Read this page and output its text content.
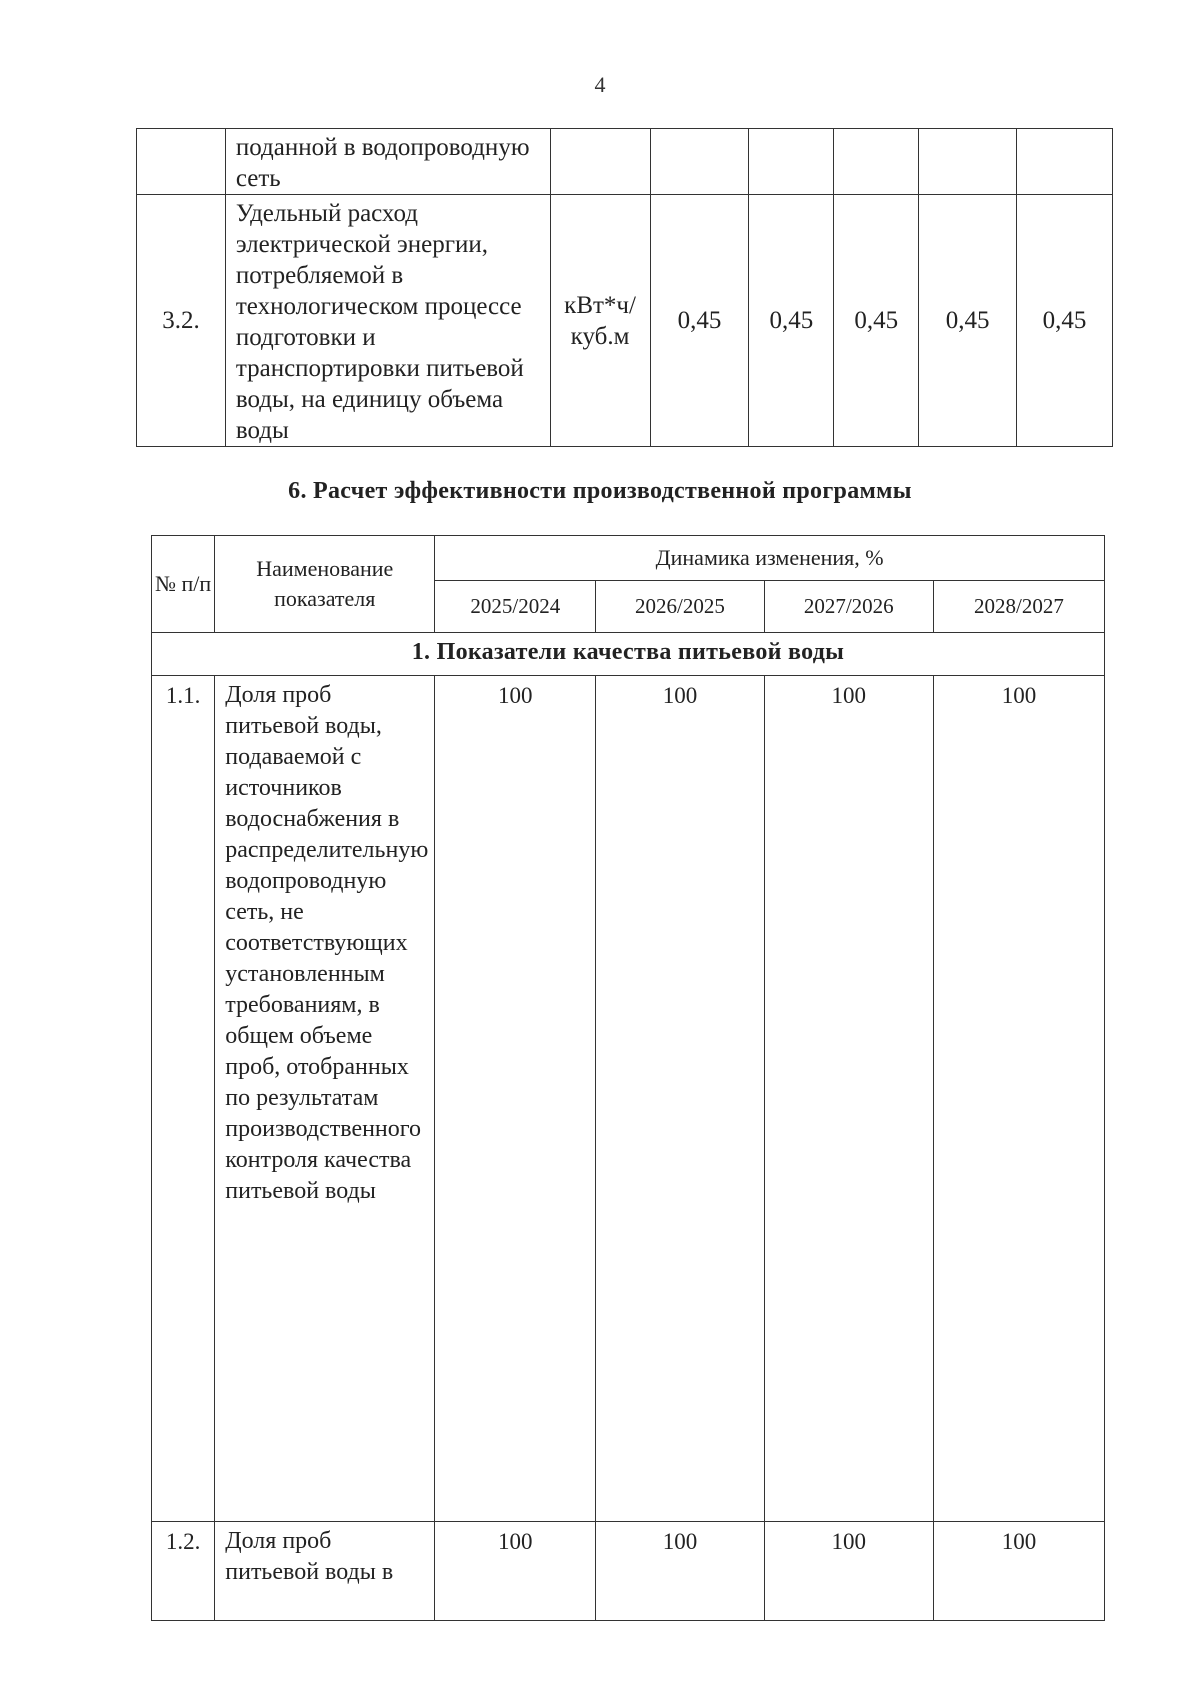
4
	поданной в водопроводную сеть						
3.2.	Удельный расход электрической энергии, потребляемой в технологическом процессе подготовки и транспортировки питьевой воды, на единицу объема воды	кВт*ч/ куб.м	0,45	0,45	0,45	0,45	0,45
6. Расчет эффективности производственной программы
№ п/п	Наименование показателя	Динамика изменения, %			
		2025/2024	2026/2025	2027/2026	2028/2027
1. Показатели качества питьевой воды					
1.1.	Доля проб питьевой воды, подаваемой с источников водоснабжения в распределительную водопроводную сеть, не соответствующих установленным требованиям, в общем объеме проб, отобранных по результатам производственного контроля качества питьевой воды	100	100	100	100
1.2.	Доля проб питьевой воды в	100	100	100	100
